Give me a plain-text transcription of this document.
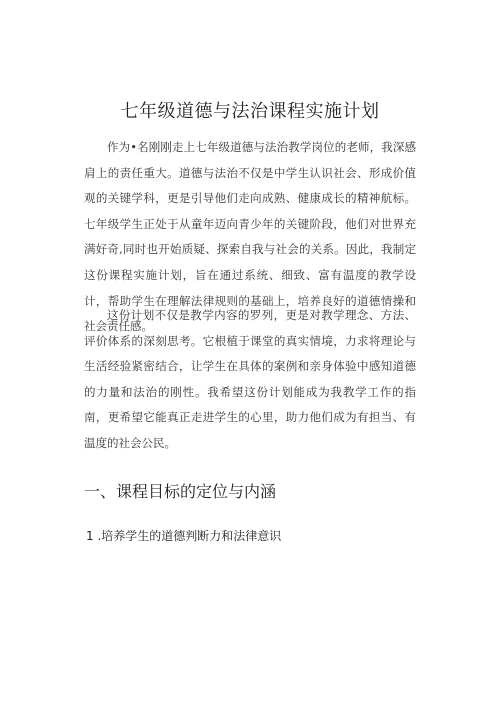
七年级道德与法治课程实施计划

作为•名刚刚走上七年级道德与法治教学岗位的老师，我深感肩上的责任重大。道德与法治不仅是中学生认识社会、形成价值观的关键学科，更是引导他们走向成熟、健康成长的精神航标。七年级学生正处于从童年迈向青少年的关键阶段，他们对世界充满好奇,同时也开始质疑、探索自我与社会的关系。因此，我制定这份课程实施计划，旨在通过系统、细致、富有温度的教学设计，帮助学生在理解法律规则的基础上，培养良好的道德情操和社会责任感。

这份计划不仅是教学内容的罗列，更是对教学理念、方法、评价体系的深刻思考。它根植于课堂的真实情境，力求将理论与生活经验紧密结合，让学生在具体的案例和亲身体验中感知道德的力量和法治的刚性。我希望这份计划能成为我教学工作的指南，更希望它能真正走进学生的心里，助力他们成为有担当、有温度的社会公民。

一、课程目标的定位与内涵
1 .培养学生的道德判断力和法律意识
